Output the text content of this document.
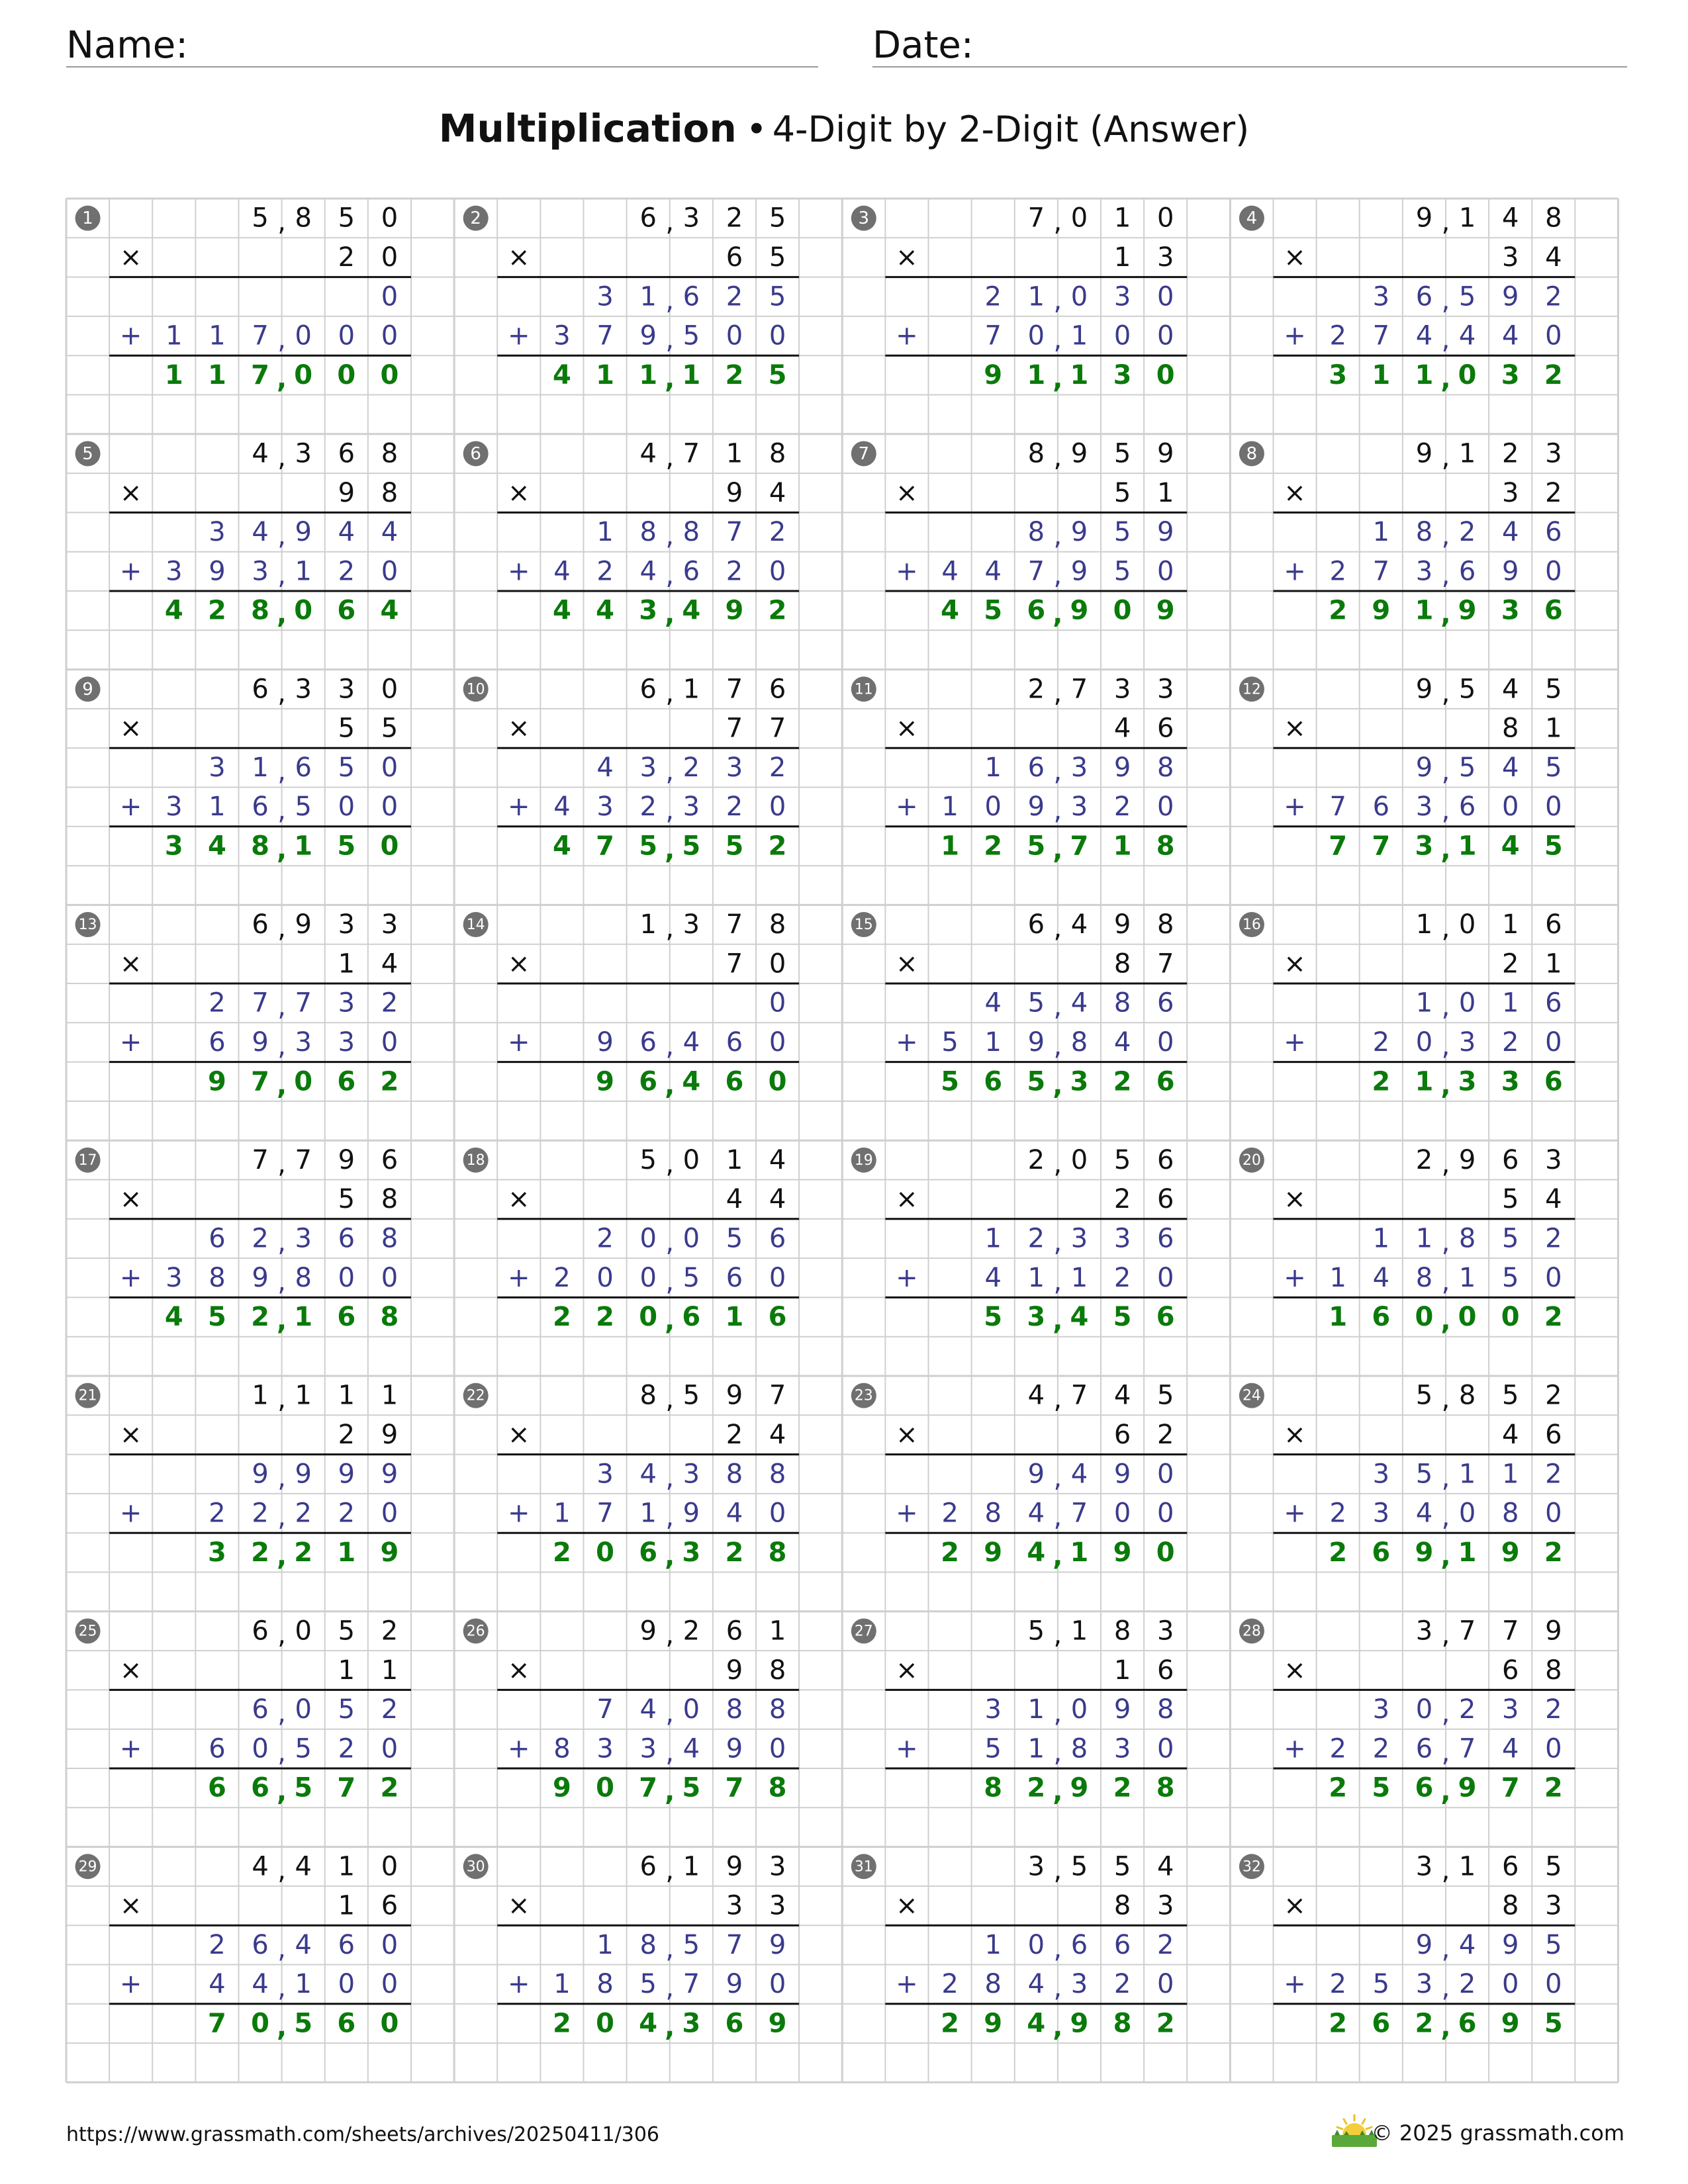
Name:	Date:
Multiplication • 4-Digit by 2-Digit (Answer)
1	5 8 5 0
,
×	2 0
0
+ 1 1 7 0 0 0
,
1 1 7 0 0 0
,
2	6 3 2 5
,
×	6 5
3 1 6 2 5
,
+ 3 7 9 5 0 0
,
4 1 1 1 2 5
,
3	7 0 1 0
,
×	1 3
2 1 0 3 0
,
+	7 0 1 0 0
,
9 1 1 3 0
,
4	9 1 4 8
,
×	3 4
3 6 5 9 2
,
+ 2 7 4 4 4 0
,
3 1 1 0 3 2
,
5	4 3 6 8
,
×	9 8
3 4 9 4 4
,
+ 3 9 3 1 2 0
,
4 2 8 0 6 4
,
6	4 7 1 8
,
×	9 4
1 8 8 7 2
,
+ 4 2 4 6 2 0
,
4 4 3 4 9 2
,
7	8 9 5 9
,
×	5 1
8 9 5 9
,
+ 4 4 7 9 5 0
,
4 5 6 9 0 9
,
8	9 1 2 3
,
×	3 2
1 8 2 4 6
,
+ 2 7 3 6 9 0
,
2 9 1 9 3 6
,
9	6 3 3 0
,
×	5 5
3 1 6 5 0
,
+ 3 1 6 5 0 0
,
3 4 8 1 5 0
,
10	6 1 7 6
,
×	7 7
4 3 2 3 2
,
+ 4 3 2 3 2 0
,
4 7 5 5 5 2
,
11	2 7 3 3
,
×	4 6
1 6 3 9 8
,
+ 1 0 9 3 2 0
,
1 2 5 7 1 8
,
12	9 5 4 5
,
×	8 1
9 5 4 5
,
+ 7 6 3 6 0 0
,
7 7 3 1 4 5
,
13	6 9 3 3
,
×	1 4
2 7 7 3 2
,
+	6 9 3 3 0
,
9 7 0 6 2
,
14	1 3 7 8
,
×	7 0
0
+	9 6 4 6 0
,
9 6 4 6 0
,
15	6 4 9 8
,
×	8 7
4 5 4 8 6
,
+ 5 1 9 8 4 0
,
5 6 5 3 2 6
,
16	1 0 1 6
,
×	2 1
1 0 1 6
,
+	2 0 3 2 0
,
2 1 3 3 6
,
17	7 7 9 6
,
×	5 8
6 2 3 6 8
,
+ 3 8 9 8 0 0
,
4 5 2 1 6 8
,
18	5 0 1 4
,
×	4 4
2 0 0 5 6
,
+ 2 0 0 5 6 0
,
2 2 0 6 1 6
,
19	2 0 5 6
,
×	2 6
1 2 3 3 6
,
+	4 1 1 2 0
,
5 3 4 5 6
,
20	2 9 6 3
,
×	5 4
1 1 8 5 2
,
+ 1 4 8 1 5 0
,
1 6 0 0 0 2
,
21	1 1 1 1
,
×	2 9
9 9 9 9
,
+	2 2 2 2 0
,
3 2 2 1 9
,
22	8 5 9 7
,
×	2 4
3 4 3 8 8
,
+ 1 7 1 9 4 0
,
2 0 6 3 2 8
,
23	4 7 4 5
,
×	6 2
9 4 9 0
,
+ 2 8 4 7 0 0
,
2 9 4 1 9 0
,
24	5 8 5 2
,
×	4 6
3 5 1 1 2
,
+ 2 3 4 0 8 0
,
2 6 9 1 9 2
,
25	6 0 5 2
,
×	1 1
6 0 5 2
,
+	6 0 5 2 0
,
6 6 5 7 2
,
26	9 2 6 1
,
×	9 8
7 4 0 8 8
,
+ 8 3 3 4 9 0
,
9 0 7 5 7 8
,
27	5 1 8 3
,
×	1 6
3 1 0 9 8
,
+	5 1 8 3 0
,
8 2 9 2 8
,
28	3 7 7 9
,
×	6 8
3 0 2 3 2
,
+ 2 2 6 7 4 0
,
2 5 6 9 7 2
,
29	4 4 1 0
,
×	1 6
2 6 4 6 0
,
+	4 4 1 0 0
,
7 0 5 6 0
,
30	6 1 9 3
,
×	3 3
1 8 5 7 9
,
+ 1 8 5 7 9 0
,
2 0 4 3 6 9
,
31	3 5 5 4
,
×	8 3
1 0 6 6 2
,
+ 2 8 4 3 2 0
,
2 9 4 9 8 2
,
32	3 1 6 5
,
×	8 3
9 4 9 5
,
+ 2 5 3 2 0 0
,
2 6 2 6 9 5
,
https://www.grassmath.com/sheets/archives/20250411/306	© 2025 grassmath.com
